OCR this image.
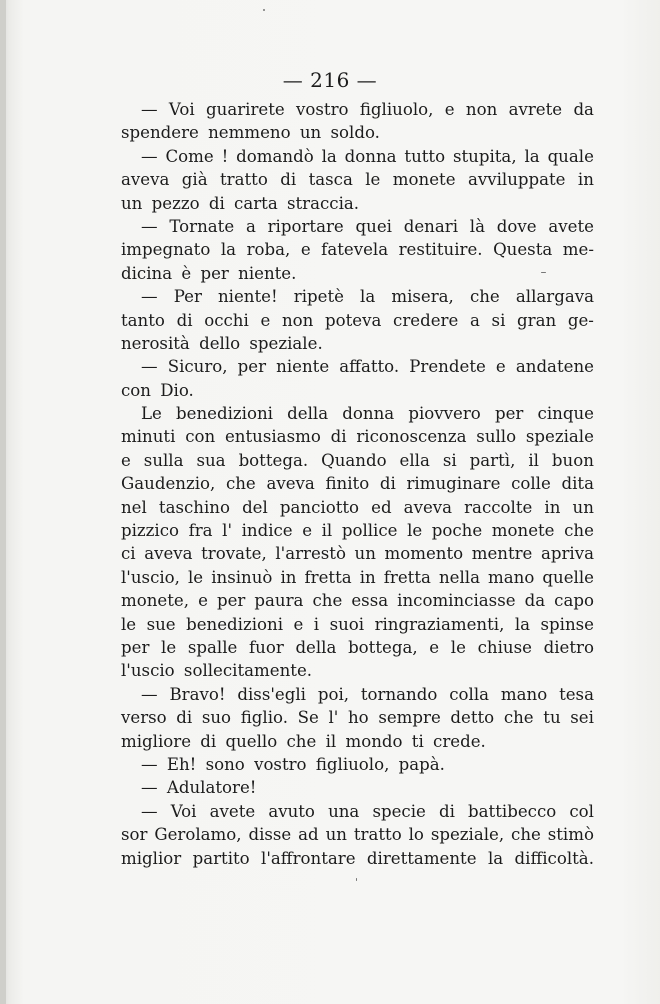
— 216 —
— Voi guarirete vostro figliuolo, e non avrete da
spendere nemmeno un soldo.
— Come ! domandò la donna tutto stupita, la quale
aveva già tratto di tasca le monete avviluppate in
un pezzo di carta straccia.
— Tornate a riportare quei denari là dove avete
impegnato la roba, e fatevela restituire. Questa me-
dicina è per niente.
— Per niente! ripetè la misera, che allargava
tanto di occhi e non poteva credere a si gran ge-
nerosità dello speziale.
— Sicuro, per niente affatto. Prendete e andatene
con Dio.
Le benedizioni della donna piovvero per cinque
minuti con entusiasmo di riconoscenza sullo speziale
e sulla sua bottega. Quando ella si partì, il buon
Gaudenzio, che aveva finito di rimuginare colle dita
nel taschino del panciotto ed aveva raccolte in un
pizzico fra l' indice e il pollice le poche monete che
ci aveva trovate, l'arrestò un momento mentre apriva
l'uscio, le insinuò in fretta in fretta nella mano quelle
monete, e per paura che essa incominciasse da capo
le sue benedizioni e i suoi ringraziamenti, la spinse
per le spalle fuor della bottega, e le chiuse dietro
l'uscio sollecitamente.
— Bravo! diss'egli poi, tornando colla mano tesa
verso di suo figlio. Se l' ho sempre detto che tu sei
migliore di quello che il mondo ti crede.
— Eh! sono vostro figliuolo, papà.
— Adulatore!
— Voi avete avuto una specie di battibecco col
sor Gerolamo, disse ad un tratto lo speziale, che stimò
miglior partito l'affrontare direttamente la difficoltà.
